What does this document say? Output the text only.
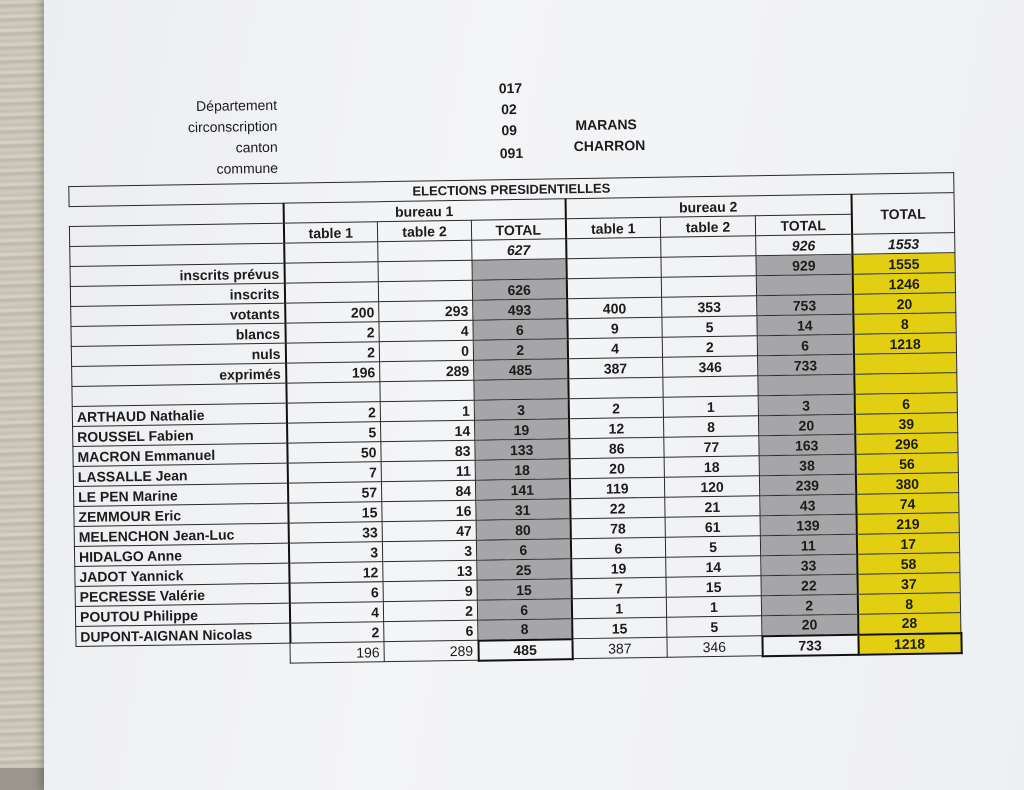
Département
circonscription
canton
commune
017
02
09
091
MARANS
CHARRON
ELECTIONS PRESIDENTIELLES							
	bureau 1			bureau 2			TOTAL
	table 1	table 2	TOTAL	table 1	table 2	TOTAL	
			627			926	1553
inscrits prévus						929	1555
inscrits			626				1246
votants	200	293	493	400	353	753	20
blancs	2	4	6	9	5	14	8
nuls	2	0	2	4	2	6	1218
exprimés	196	289	485	387	346	733	

ARTHAUD Nathalie	2	1	3	2	1	3	6
ROUSSEL Fabien	5	14	19	12	8	20	39
MACRON Emmanuel	50	83	133	86	77	163	296
LASSALLE Jean	7	11	18	20	18	38	56
LE PEN Marine	57	84	141	119	120	239	380
ZEMMOUR Eric	15	16	31	22	21	43	74
MELENCHON Jean-Luc	33	47	80	78	61	139	219
HIDALGO Anne	3	3	6	6	5	11	17
JADOT Yannick	12	13	25	19	14	33	58
PECRESSE Valérie	6	9	15	7	15	22	37
POUTOU Philippe	4	2	6	1	1	2	8
DUPONT-AIGNAN Nicolas	2	6	8	15	5	20	28
	196	289	485	387	346	733	1218
